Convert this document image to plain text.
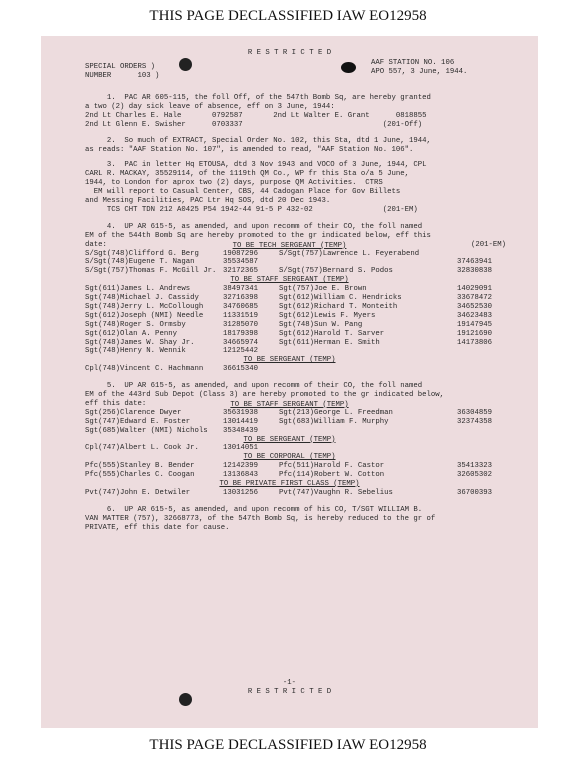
THIS PAGE DECLASSIFIED IAW EO12958
R E S T R I C T E D
SPECIAL ORDERS )
NUMBER      103 )
AAF STATION NO. 106
APO 557, 3 June, 1944.
1.  PAC AR 605-115, the foll Off, of the 547th Bomb Sq, are hereby granted
a two (2) day sick leave of absence, eff on 3 June, 1944:
2nd Lt Charles E. Hale       0792587       2nd Lt Walter E. Grant      0818855
2nd Lt Glenn E. Swisher      0703337                                (201-Off)
2.  So much of EXTRACT, Special Order No. 102, this Sta, dtd 1 June, 1944,
as reads: "AAF Station No. 107", is amended to read, "AAF Station No. 106".
3.  PAC in letter Hq ETOUSA, dtd 3 Nov 1943 and VOCO of 3 June, 1944, CPL
CARL R. MACKAY, 35529114, of the 1119th QM Co., WP fr this Sta o/a 5 June,
1944, to London for aprox two (2) days, purpose QM Activities.  CTRS
EM will report to Casual Center, CBS, 44 Cadogan Place for Gov Billets
and Messing Facilities, PAC Ltr Hq SOS, dtd 20 Dec 1943.
TCS CHT TDN 212 A0425 P54 1942-44 91-5 P 432-02                (201-EM)
4.  UP AR 615-5, as amended, and upon recomm of their CO, the foll named
EM of the 544th Bomb Sq are hereby promoted to the gr indicated below, eff this
date:	(201-EM)
TO BE TECH SERGEANT (TEMP)
S/Sgt(748)Clifford G. Berg	19087296	S/Sgt(757)Lawrence L. Feyerabend
S/Sgt(748)Eugene T. Nagan	35534587	37463941
S/Sgt(757)Thomas F. McGill Jr. 32172365	S/Sgt(757)Bernard S. Podos	32830838
TO BE STAFF SERGEANT (TEMP)
Sgt(611)James L. Andrews	38497341	Sgt(757)Joe E. Brown	14029091
Sgt(748)Michael J. Cassidy	32716398	Sgt(612)William C. Hendricks	33678472
Sgt(748)Jerry L. McCollough	34760685	Sgt(612)Richard T. Monteith	34652530
Sgt(612)Joseph (NMI) Needle	11331519	Sgt(612)Lewis F. Myers	34623483
Sgt(748)Roger S. Ormsby	31285070	Sgt(748)Sun W. Pang	19147945
Sgt(612)Olan A. Penny	18179398	Sgt(612)Harold T. Sarver	19121690
Sgt(748)James W. Shay Jr.	34665974	Sgt(611)Herman E. Smith	14173806
Sgt(748)Henry N. Wennik	12125442
TO BE SERGEANT (TEMP)
Cpl(748)Vincent C. Hachmann	36615340
5.  UP AR 615-5, as amended, and upon recomm of their CO, the foll named
EM of the 443rd Sub Depot (Class 3) are hereby promoted to the gr indicated below,
eff this date:	TO BE STAFF SERGEANT (TEMP)
Sgt(256)Clarence Dwyer	35631938	Sgt(213)George L. Freedman	36304859
Sgt(747)Edward E. Foster	13014419	Sgt(683)William F. Murphy	32374358
Sgt(685)Walter (NMI) Nichols 35348439
TO BE SERGEANT (TEMP)
Cpl(747)Albert L. Cook Jr.	13014051
TO BE CORPORAL (TEMP)
Pfc(555)Stanley B. Bender	12142399	Pfc(511)Harold F. Castor	35413323
Pfc(555)Charles C. Coogan	13136843	Pfc(114)Robert W. Cotton	32605302
TO BE PRIVATE FIRST CLASS (TEMP)
Pvt(747)John E. Detwiler	13031256	Pvt(747)Vaughn R. Sebelius	36700393
6.  UP AR 615-5, as amended, and upon recomm of his CO, T/SGT WILLIAM B.
VAN MATTER (757), 32668773, of the 547th Bomb Sq, is hereby reduced to the gr of
PRIVATE, eff this date for cause.
-1-
R E S T R I C T E D
THIS PAGE DECLASSIFIED IAW EO12958
